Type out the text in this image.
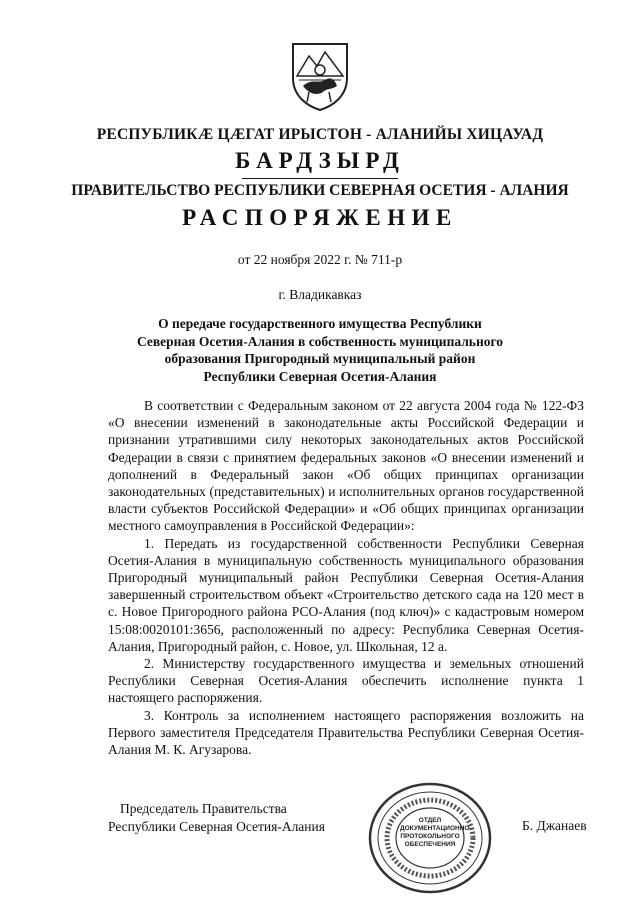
РЕСПУБЛИКӔ ЦӔГАТ ИРЫСТОН - АЛАНИЙЫ ХИЦАУАД
БАРДЗЫРД
ПРАВИТЕЛЬСТВО РЕСПУБЛИКИ СЕВЕРНАЯ ОСЕТИЯ - АЛАНИЯ
РАСПОРЯЖЕНИЕ
от 22 ноября 2022 г. № 711-р
г. Владикавказ
О передаче государственного имущества Республики
Северная Осетия-Алания в собственность муниципального
образования Пригородный муниципальный район
Республики Северная Осетия-Алания

В соответствии с Федеральным законом от 22 августа 2004 года № 122-ФЗ «О внесении изменений в законодательные акты Российской Федерации и признании утратившими силу некоторых законодательных актов Российской Федерации в связи с принятием федеральных законов «О внесении изменений и дополнений в Федеральный закон «Об общих принципах организации законодательных (представительных) и исполнительных органов государственной власти субъектов Российской Федерации» и «Об общих принципах организации местного самоуправления в Российской Федерации»:

1. Передать из государственной собственности Республики Северная Осетия-Алания в муниципальную собственность муниципального образования Пригородный муниципальный район Республики Северная Осетия-Алания завершенный строительством объект «Строительство детского сада на 120 мест в с. Новое Пригородного района РСО-Алания (под ключ)» с кадастровым номером 15:08:0020101:3656, расположенный по адресу: Республика Северная Осетия-Алания, Пригородный район, с. Новое, ул. Школьная, 12 а.

2. Министерству государственного имущества и земельных отношений Республики Северная Осетия-Алания обеспечить исполнение пункта 1 настоящего распоряжения.

3. Контроль за исполнением настоящего распоряжения возложить на Первого заместителя Председателя Правительства Республики Северная Осетия-Алания М. К. Агузарова.

Председатель Правительства
Республики Северная Осетия-Алания	ОТДЕЛ
ДОКУМЕНТАЦИОННО-
ПРОТОКОЛЬНОГО
ОБЕСПЕЧЕНИЯ
Б. Джанаев
